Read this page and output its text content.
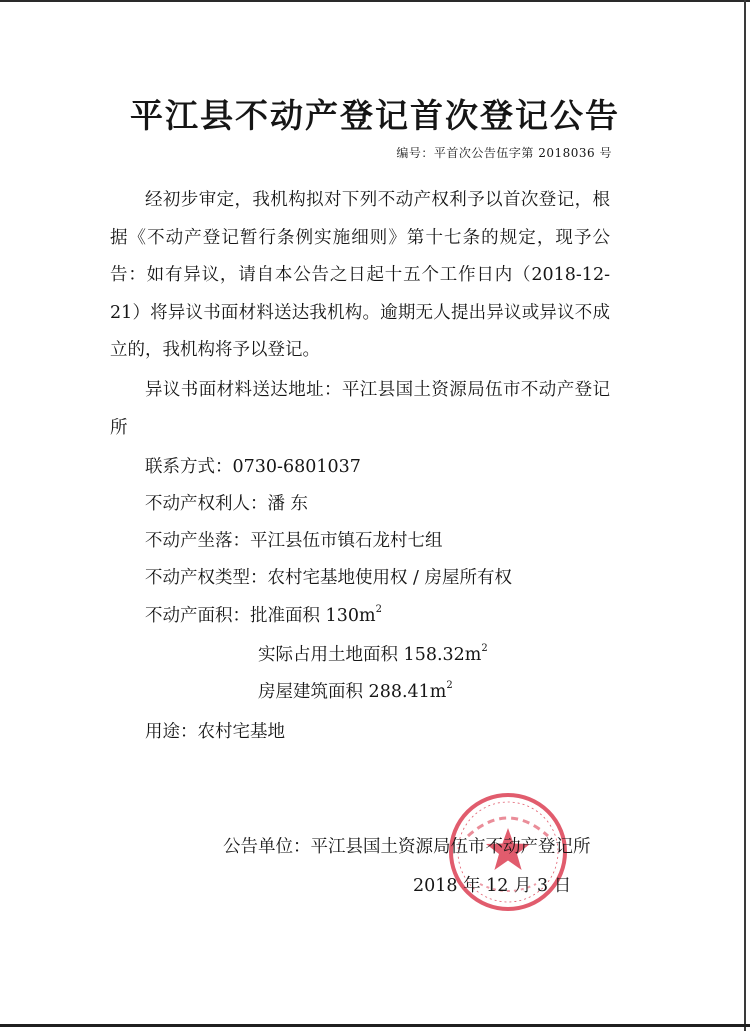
平江县不动产登记首次登记公告
编号：平首次公告伍字第 2018036 号

经初步审定，我机构拟对下列不动产权利予以首次登记，根据《不动产登记暂行条例实施细则》第十七条的规定，现予公告：如有异议，请自本公告之日起十五个工作日内（2018-12-21）将异议书面材料送达我机构。逾期无人提出异议或异议不成立的，我机构将予以登记。

异议书面材料送达地址：平江县国土资源局伍市不动产登记所

联系方式：0730-6801037
不动产权利人：潘 东
不动产坐落：平江县伍市镇石龙村七组
不动产权类型：农村宅基地使用权 / 房屋所有权
不动产面积：批准面积 $130m^2$
实际占用土地面积 $158.32m^2$
房屋建筑面积 $288.41m^2$
用途：农村宅基地
公告单位：平江县国土资源局伍市不动产登记所
2018 年 12 月 3 日
